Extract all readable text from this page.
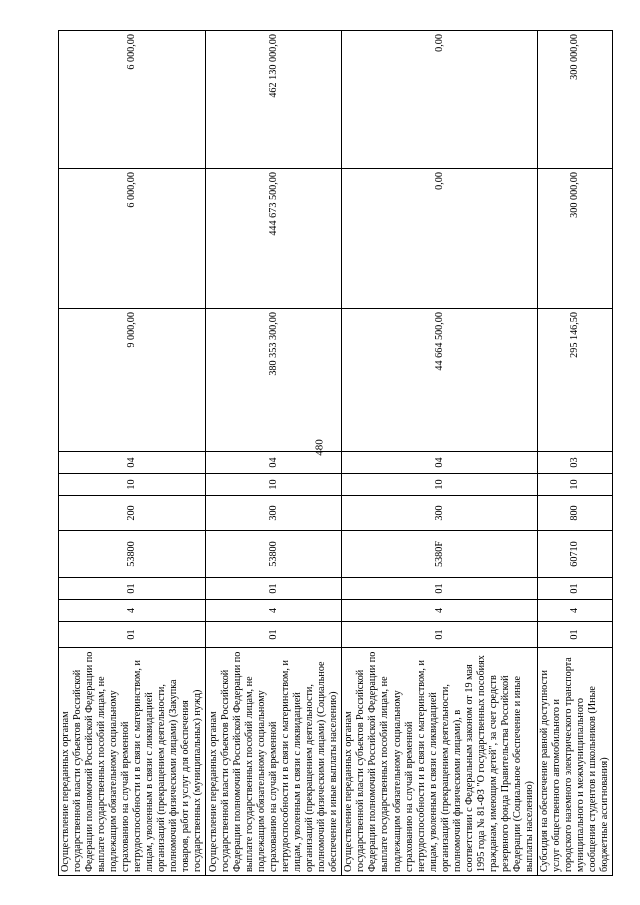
480
Осуществление переданных органам государственной власти субъектов Российской Федерации полномочий Российской Федерации по выплате государственных пособий лицам, не подлежащим обязательному социальному страхованию на случай временной нетрудоспособности и в связи с материнством, и лицам, уволенным в связи с ликвидацией организаций (прекращением деятельности, полномочий физическими лицами) (Закупка товаров, работ и услуг для обеспечения государственных (муниципальных) нужд)	01	4	01	53800	200	10	04	9 000,00	6 000,00	6 000,00
Осуществление переданных органам государственной власти субъектов Российской Федерации полномочий Российской Федерации по выплате государственных пособий лицам, не подлежащим обязательному социальному страхованию на случай временной нетрудоспособности и в связи с материнством, и лицам, уволенным в связи с ликвидацией организаций (прекращением деятельности, полномочий физическими лицами) (Социальное обеспечение и иные выплаты населению)	01	4	01	53800	300	10	04	380 353 300,00	444 673 500,00	462 130 000,00
Осуществление переданных органам государственной власти субъектов Российской Федерации полномочий Российской Федерации по выплате государственных пособий лицам, не подлежащим обязательному социальному страхованию на случай временной нетрудоспособности и в связи с материнством, и лицам, уволенным в связи с ликвидацией организаций (прекращением деятельности, полномочий физическими лицами), в соответствии с Федеральным законом от 19 мая 1995 года № 81-ФЗ "О государственных пособиях гражданам, имеющим детей", за счет средств резервного фонда Правительства Российской Федерации (Социальное обеспечение и иные выплаты населению)	01	4	01	5380F	300	10	04	44 664 500,00	0,00	0,00
Субсидия на обеспечение равной доступности услуг общественного автомобильного и городского наземного электрического транспорта муниципального и межмуниципального сообщения студентов и школьников (Иные бюджетные ассигнования)	01	4	01	60710	800	10	03	295 146,50	300 000,00	300 000,00
